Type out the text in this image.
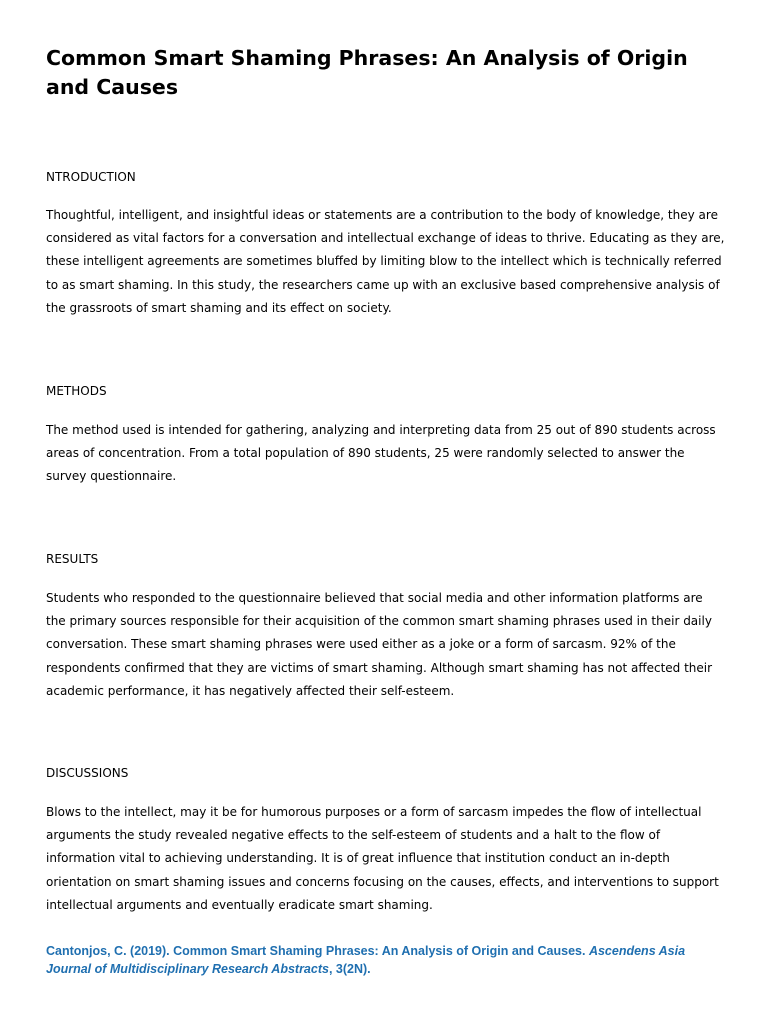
Common Smart Shaming Phrases: An Analysis of Origin and Causes
NTRODUCTION

Thoughtful, intelligent, and insightful ideas or statements are a contribution to the body of knowledge, they are considered as vital factors for a conversation and intellectual exchange of ideas to thrive. Educating as they are, these intelligent agreements are sometimes bluffed by limiting blow to the intellect which is technically referred to as smart shaming. In this study, the researchers came up with an exclusive based comprehensive analysis of the grassroots of smart shaming and its effect on society.

METHODS

The method used is intended for gathering, analyzing and interpreting data from 25 out of 890 students across areas of concentration. From a total population of 890 students, 25 were randomly selected to answer the survey questionnaire.

RESULTS

Students who responded to the questionnaire believed that social media and other information platforms are the primary sources responsible for their acquisition of the common smart shaming phrases used in their daily conversation. These smart shaming phrases were used either as a joke or a form of sarcasm. 92% of the respondents confirmed that they are victims of smart shaming. Although smart shaming has not affected their academic performance, it has negatively affected their self-esteem.

DISCUSSIONS

Blows to the intellect, may it be for humorous purposes or a form of sarcasm impedes the flow of intellectual arguments the study revealed negative effects to the self-esteem of students and a halt to the flow of information vital to achieving understanding. It is of great influence that institution conduct an in-depth orientation on smart shaming issues and concerns focusing on the causes, effects, and interventions to support intellectual arguments and eventually eradicate smart shaming.

Cantonjos, C. (2019). Common Smart Shaming Phrases: An Analysis of Origin and Causes. Ascendens Asia Journal of Multidisciplinary Research Abstracts, 3(2N).
